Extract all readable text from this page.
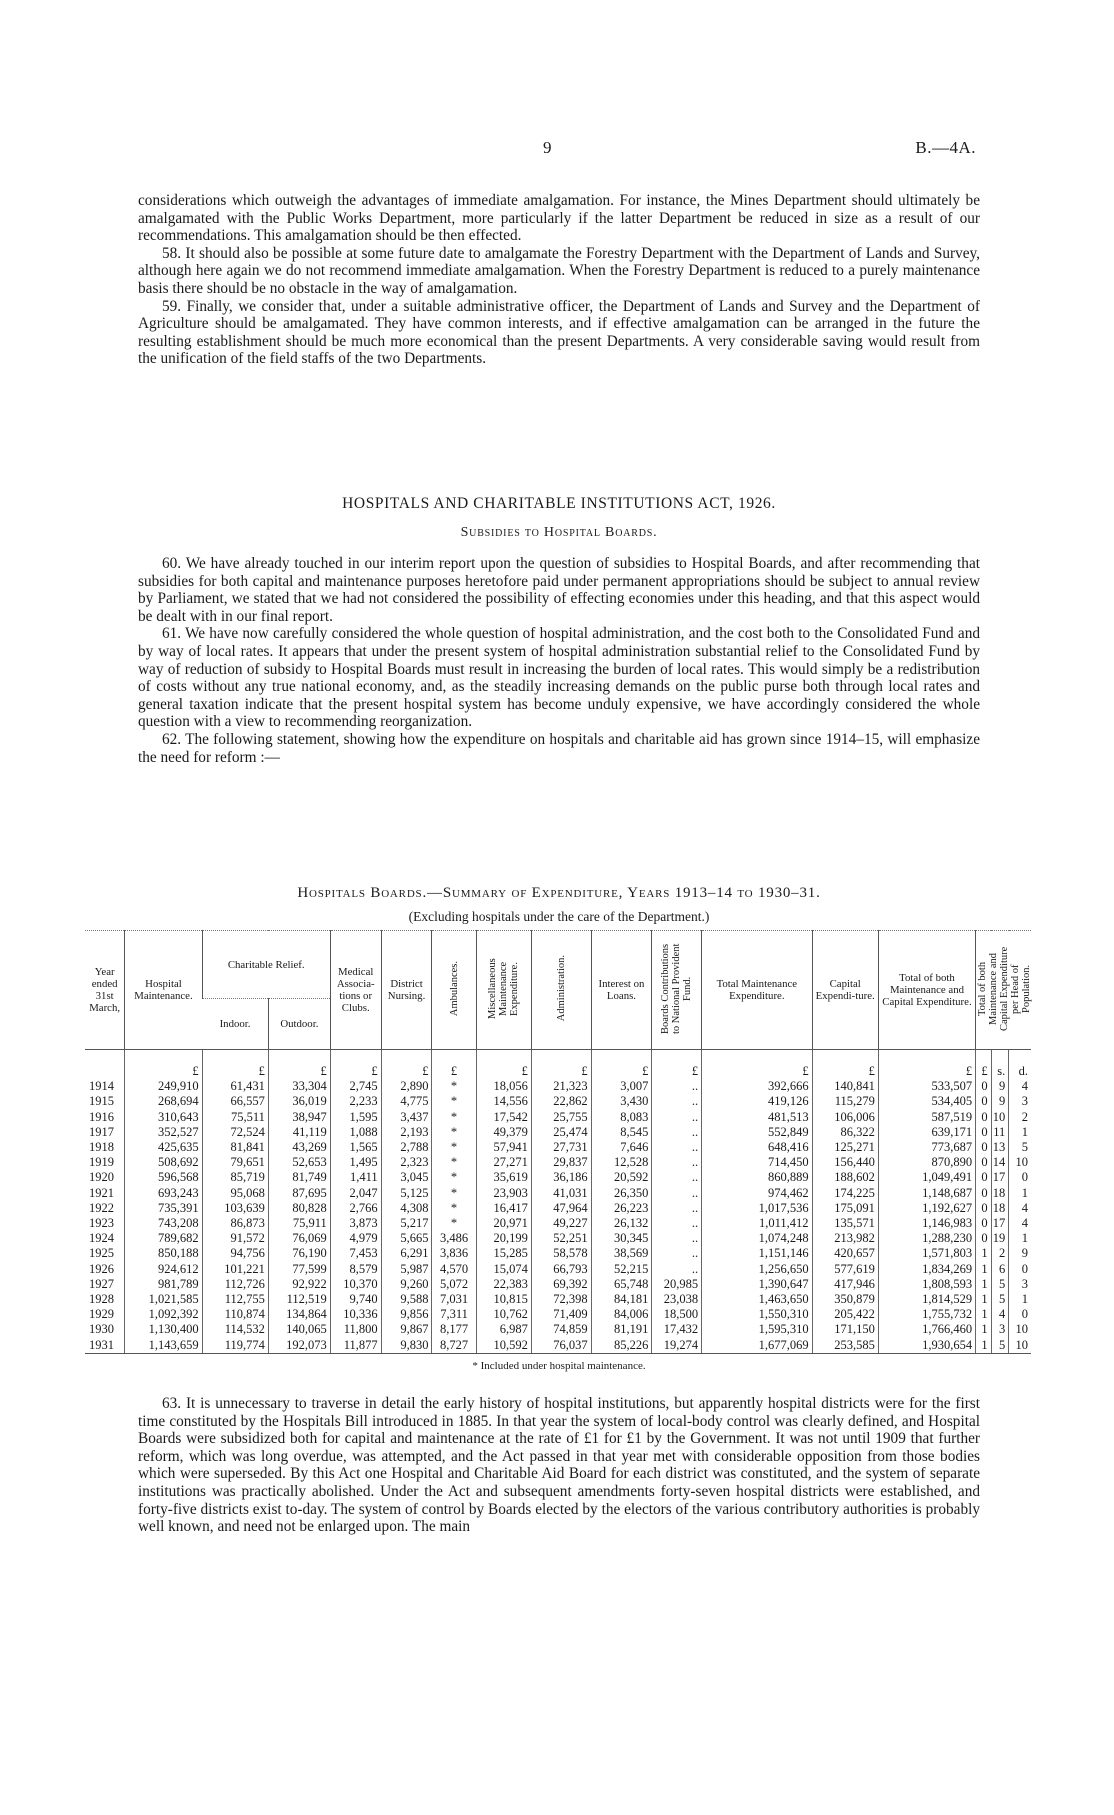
9	B.—4A.

considerations which outweigh the advantages of immediate amalgamation. For instance, the Mines Department should ultimately be amalgamated with the Public Works Department, more particularly if the latter Department be reduced in size as a result of our recommendations. This amalgamation should be then effected.

58. It should also be possible at some future date to amalgamate the Forestry Department with the Department of Lands and Survey, although here again we do not recommend immediate amalgamation. When the Forestry Department is reduced to a purely maintenance basis there should be no obstacle in the way of amalgamation.

59. Finally, we consider that, under a suitable administrative officer, the Department of Lands and Survey and the Department of Agriculture should be amalgamated. They have common interests, and if effective amalgamation can be arranged in the future the resulting establishment should be much more economical than the present Departments. A very considerable saving would result from the unification of the field staffs of the two Departments.

HOSPITALS AND CHARITABLE INSTITUTIONS ACT, 1926.
Subsidies to Hospital Boards.

60. We have already touched in our interim report upon the question of subsidies to Hospital Boards, and after recommending that subsidies for both capital and maintenance purposes heretofore paid under permanent appropriations should be subject to annual review by Parliament, we stated that we had not considered the possibility of effecting economies under this heading, and that this aspect would be dealt with in our final report.

61. We have now carefully considered the whole question of hospital administration, and the cost both to the Consolidated Fund and by way of local rates. It appears that under the present system of hospital administration substantial relief to the Consolidated Fund by way of reduction of subsidy to Hospital Boards must result in increasing the burden of local rates. This would simply be a redistribution of costs without any true national economy, and, as the steadily increasing demands on the public purse both through local rates and general taxation indicate that the present hospital system has become unduly expensive, we have accordingly considered the whole question with a view to recommending reorganization.

62. The following statement, showing how the expenditure on hospitals and charitable aid has grown since 1914–15, will emphasize the need for reform :—

Hospitals Boards.—Summary of Expenditure, Years 1913–14 to 1930–31.
(Excluding hospitals under the care of the Department.)
Year ended 31st March,	Hospital Maintenance.	Charitable Relief.		Medical Associa-tions or Clubs.	District Nursing.	Ambulances.	Miscellaneous Maintenance Expenditure.	Administration.	Interest on Loans.	Boards Contributions to National Provident Fund.	Total Maintenance Expenditure.	Capital Expendi-ture.	Total of both Maintenance and Capital Expenditure.	Total of both Maintenance and Capital Expenditure per Head of Population.		
		Indoor.	Outdoor.													
	£	£	£	£	£	£	£	£	£	£	£	£	£	£	s.	d.
1914	249,910	61,431	33,304	2,745	2,890	*	18,056	21,323	3,007	..	392,666	140,841	533,507	0	9	4
1915	268,694	66,557	36,019	2,233	4,775	*	14,556	22,862	3,430	..	419,126	115,279	534,405	0	9	3
1916	310,643	75,511	38,947	1,595	3,437	*	17,542	25,755	8,083	..	481,513	106,006	587,519	0	10	2
1917	352,527	72,524	41,119	1,088	2,193	*	49,379	25,474	8,545	..	552,849	86,322	639,171	0	11	1
1918	425,635	81,841	43,269	1,565	2,788	*	57,941	27,731	7,646	..	648,416	125,271	773,687	0	13	5
1919	508,692	79,651	52,653	1,495	2,323	*	27,271	29,837	12,528	..	714,450	156,440	870,890	0	14	10
1920	596,568	85,719	81,749	1,411	3,045	*	35,619	36,186	20,592	..	860,889	188,602	1,049,491	0	17	0
1921	693,243	95,068	87,695	2,047	5,125	*	23,903	41,031	26,350	..	974,462	174,225	1,148,687	0	18	1
1922	735,391	103,639	80,828	2,766	4,308	*	16,417	47,964	26,223	..	1,017,536	175,091	1,192,627	0	18	4
1923	743,208	86,873	75,911	3,873	5,217	*	20,971	49,227	26,132	..	1,011,412	135,571	1,146,983	0	17	4
1924	789,682	91,572	76,069	4,979	5,665	3,486	20,199	52,251	30,345	..	1,074,248	213,982	1,288,230	0	19	1
1925	850,188	94,756	76,190	7,453	6,291	3,836	15,285	58,578	38,569	..	1,151,146	420,657	1,571,803	1	2	9
1926	924,612	101,221	77,599	8,579	5,987	4,570	15,074	66,793	52,215	..	1,256,650	577,619	1,834,269	1	6	0
1927	981,789	112,726	92,922	10,370	9,260	5,072	22,383	69,392	65,748	20,985	1,390,647	417,946	1,808,593	1	5	3
1928	1,021,585	112,755	112,519	9,740	9,588	7,031	10,815	72,398	84,181	23,038	1,463,650	350,879	1,814,529	1	5	1
1929	1,092,392	110,874	134,864	10,336	9,856	7,311	10,762	71,409	84,006	18,500	1,550,310	205,422	1,755,732	1	4	0
1930	1,130,400	114,532	140,065	11,800	9,867	8,177	6,987	74,859	81,191	17,432	1,595,310	171,150	1,766,460	1	3	10
1931	1,143,659	119,774	192,073	11,877	9,830	8,727	10,592	76,037	85,226	19,274	1,677,069	253,585	1,930,654	1	5	10
* Included under hospital maintenance.

63. It is unnecessary to traverse in detail the early history of hospital institutions, but apparently hospital districts were for the first time constituted by the Hospitals Bill introduced in 1885. In that year the system of local-body control was clearly defined, and Hospital Boards were subsidized both for capital and maintenance at the rate of £1 for £1 by the Government. It was not until 1909 that further reform, which was long overdue, was attempted, and the Act passed in that year met with considerable opposition from those bodies which were superseded. By this Act one Hospital and Charitable Aid Board for each district was constituted, and the system of separate institutions was practically abolished. Under the Act and subsequent amendments forty-seven hospital districts were established, and forty-five districts exist to-day. The system of control by Boards elected by the electors of the various contributory authorities is probably well known, and need not be enlarged upon. The main
